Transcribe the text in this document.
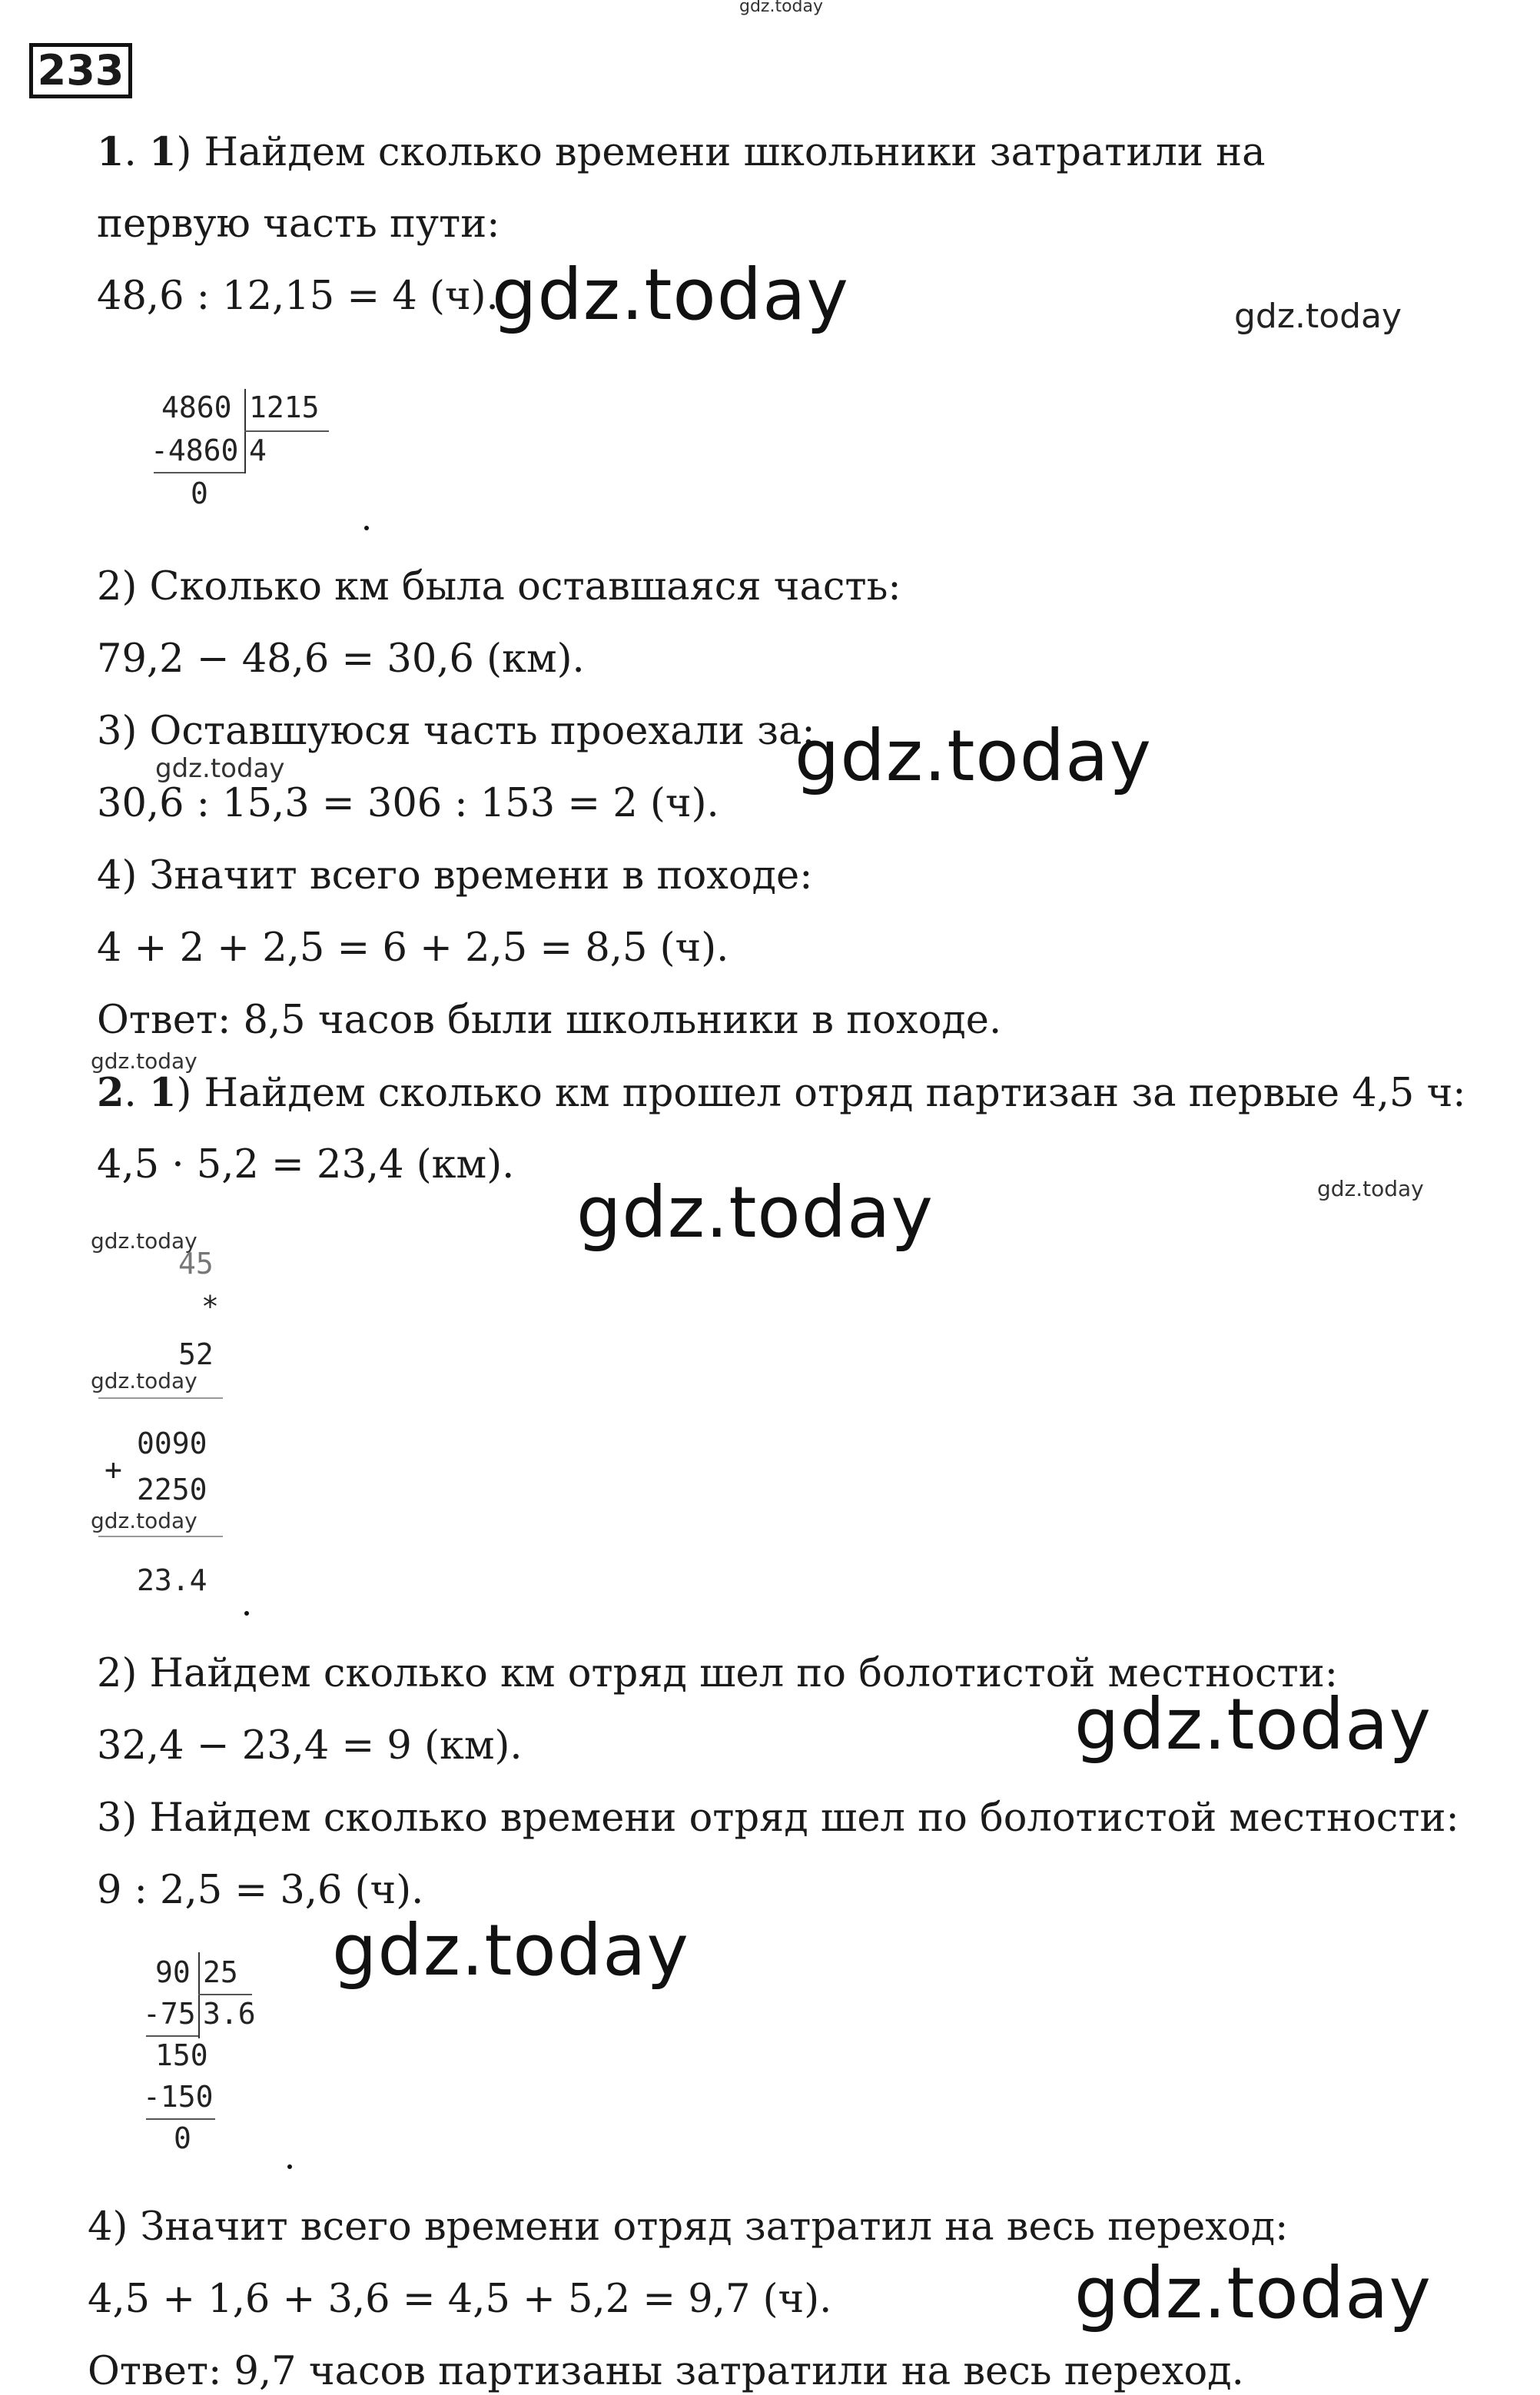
gdz.today
233
1. 1) Найдем сколько времени школьники затратили на
первую часть пути:
48,6 : 12,15 = 4 (ч).
gdz.today	gdz.today
4860 1215
-4860 4
0
2) Сколько км была оставшаяся часть:
79,2 − 48,6 = 30,6 (км).
3) Оставшуюся часть проехали за:
gdz.today
gdz.today
30,6 : 15,3 = 306 : 153 = 2 (ч).
4) Значит всего времени в походе:
4 + 2 + 2,5 = 6 + 2,5 = 8,5 (ч).
Ответ: 8,5 часов были школьники в походе.
gdz.today
2. 1) Найдем сколько км прошел отряд партизан за первые 4,5 ч:
4,5 · 5,2 = 23,4 (км).
gdz.today	gdz.today
gdz.today
45
*
52
gdz.today
0090
+
2250
gdz.today
23.4
2) Найдем сколько км отряд шел по болотистой местности:
gdz.today
32,4 − 23,4 = 9 (км).
3) Найдем сколько времени отряд шел по болотистой местности:
9 : 2,5 = 3,6 (ч).
gdz.today
90 25
-75 3.6
150
-150
0
4) Значит всего времени отряд затратил на весь переход:
4,5 + 1,6 + 3,6 = 4,5 + 5,2 = 9,7 (ч).	gdz.today
Ответ: 9,7 часов партизаны затратили на весь переход.
